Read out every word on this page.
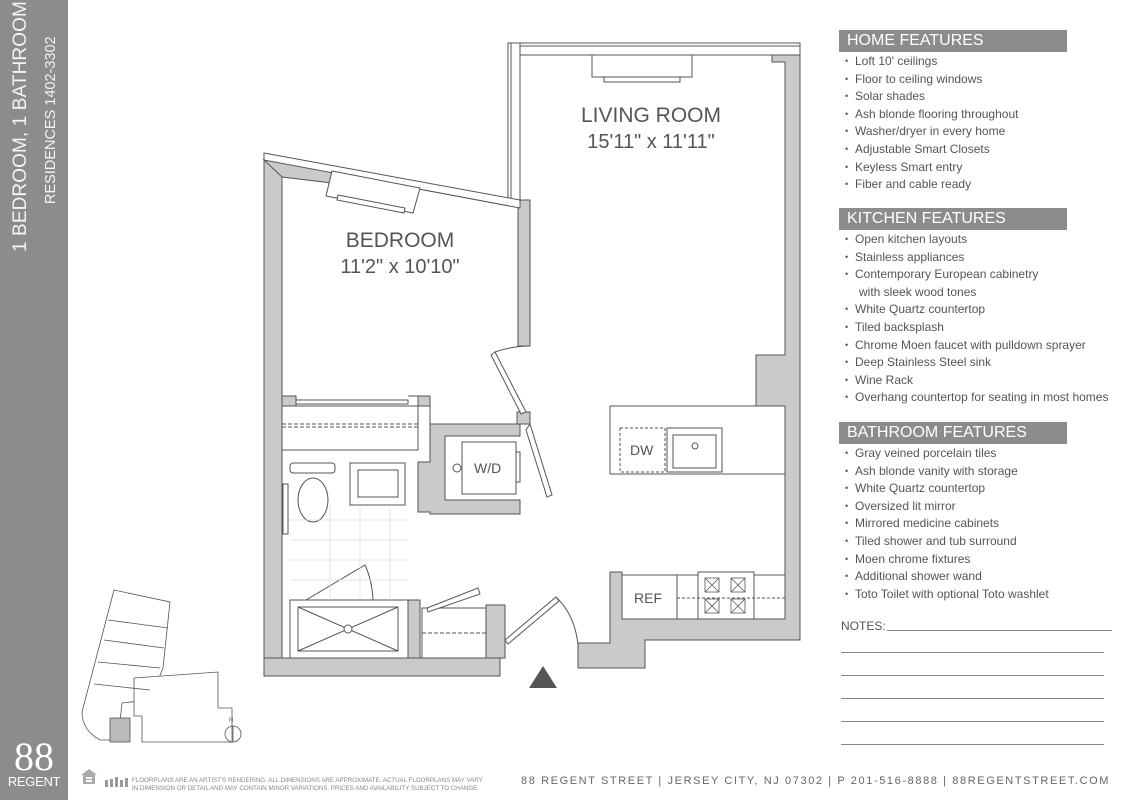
1 BEDROOM, 1 BATHROOM RESIDENCES 1402-3302
88
REGENT
N
LIVING ROOM
15'11" x 11'11"
BEDROOM
11'2" x 10'10"
W/D
DW
REF
HOME FEATURES
• Loft 10' ceilings
• Floor to ceiling windows
• Solar shades
• Ash blonde flooring throughout
• Washer/dryer in every home
• Adjustable Smart Closets
• Keyless Smart entry
• Fiber and cable ready
KITCHEN FEATURES
• Open kitchen layouts
• Stainless appliances
• Contemporary European cabinetry
with sleek wood tones
• White Quartz countertop
• Tiled backsplash
• Chrome Moen faucet with pulldown sprayer
• Deep Stainless Steel sink
• Wine Rack
• Overhang countertop for seating in most homes
BATHROOM FEATURES
• Gray veined porcelain tiles
• Ash blonde vanity with storage
• White Quartz countertop
• Oversized lit mirror
• Mirrored medicine cabinets
• Tiled shower and tub surround
• Moen chrome fixtures
• Additional shower wand
• Toto Toilet with optional Toto washlet
NOTES:
FLOORPLANS ARE AN ARTIST'S RENDERING. ALL DIMENSIONS ARE APPROXIMATE. ACTUAL FLOORPLANS MAY VARY
IN DIMENSION OR DETAIL AND MAY CONTAIN MINOR VARIATIONS. PRICES AND AVAILABILITY SUBJECT TO CHANGE.
88 REGENT STREET | JERSEY CITY, NJ 07302 | P 201-516-8888 | 88REGENTSTREET.COM
